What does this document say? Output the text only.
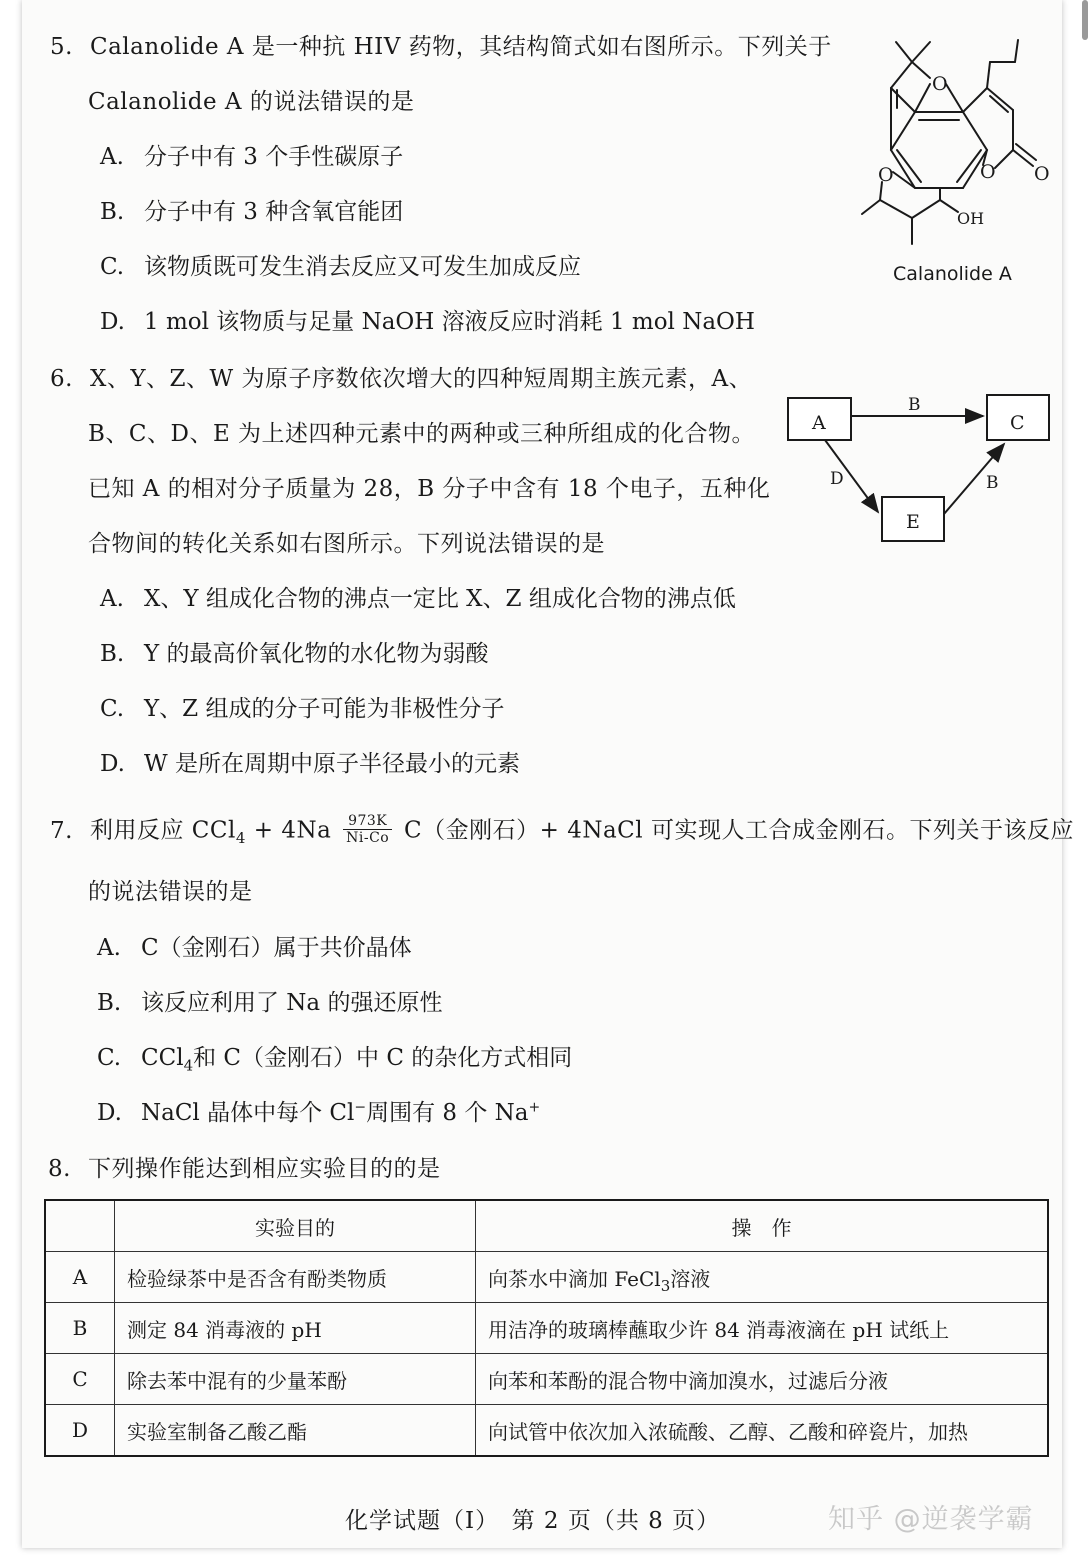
5. Calanolide A 是一种抗 HIV 药物，其结构简式如右图所示。下列关于
Calanolide A 的说法错误的是
A. 分子中有 3 个手性碳原子
B. 分子中有 3 种含氧官能团
C. 该物质既可发生消去反应又可发生加成反应
D. 1 mol 该物质与足量 NaOH 溶液反应时消耗 1 mol NaOH
O
O O
O
OH
Calanolide A
6. X、Y、Z、W 为原子序数依次增大的四种短周期主族元素，A、
B、C、D、E 为上述四种元素中的两种或三种所组成的化合物。
已知 A 的相对分子质量为 28，B 分子中含有 18 个电子，五种化
合物间的转化关系如右图所示。下列说法错误的是
A. X、Y 组成化合物的沸点一定比 X、Z 组成化合物的沸点低
B. Y 的最高价氧化物的水化物为弱酸
C. Y、Z 组成的分子可能为非极性分子
D. W 是所在周期中原子半径最小的元素
A	C
E
B
D	B
7. 利用反应 $CCl_4 + 4Na \frac{973K}{Ni-Co} C$（金刚石）+ 4NaCl 可实现人工合成金刚石。下列关于该反应
的说法错误的是
A. C（金刚石）属于共价晶体
B. 该反应利用了 Na 的强还原性
C. CCl$_4$和 C（金刚石）中 C 的杂化方式相同
D. NaCl 晶体中每个 Cl−周围有 8 个 Na+
8. 下列操作能达到相应实验目的的是
	实验目的	操　作
A	检验绿茶中是否含有酚类物质	向茶水中滴加 FeCl$_3$溶液
B	测定 84 消毒液的 pH	用洁净的玻璃棒蘸取少许 84 消毒液滴在 pH 试纸上
C	除去苯中混有的少量苯酚	向苯和苯酚的混合物中滴加溴水，过滤后分液
D	实验室制备乙酸乙酯	向试管中依次加入浓硫酸、乙醇、乙酸和碎瓷片，加热
化学试题（Ⅰ）　第 2 页（共 8 页）	知乎 @逆袭学霸
